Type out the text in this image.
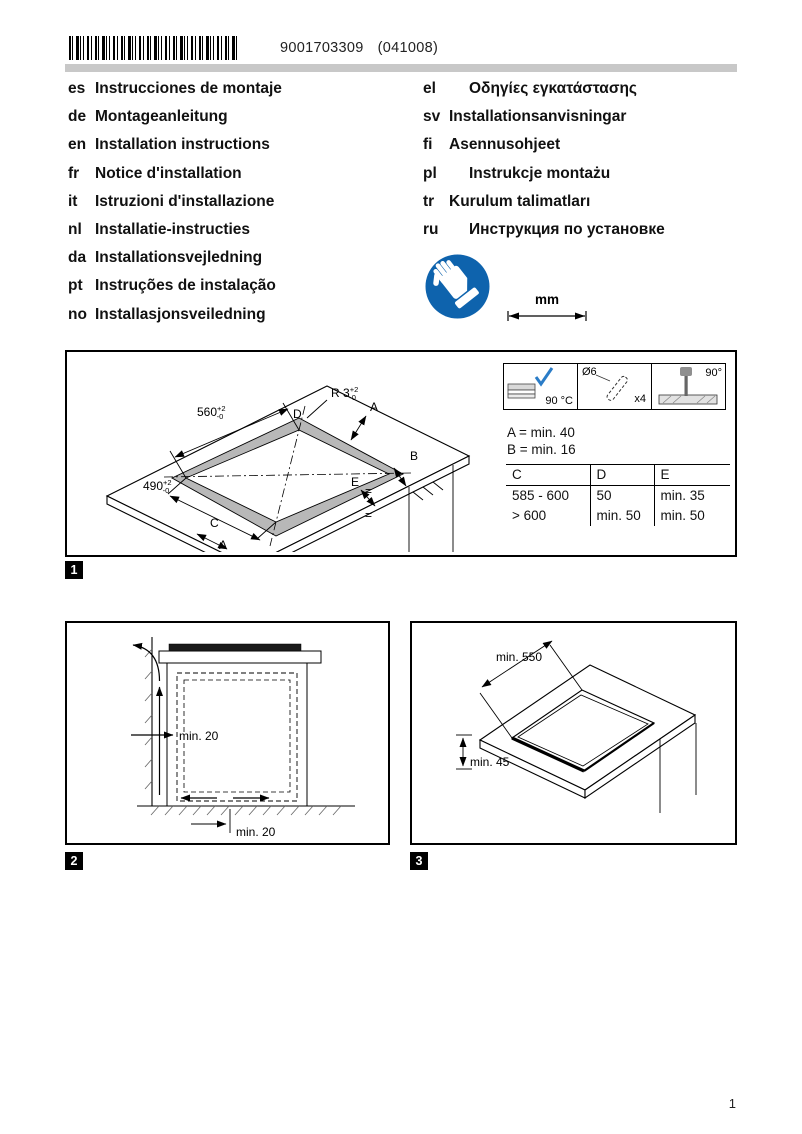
9001703309 (041008)
es Instrucciones de montaje
de Montageanleitung
en Installation instructions
fr	Notice d'installation
it	Istruzioni d'installazione
nl Installatie-instructies
da Installationsvejledning
pt Instruções de instalação
no Installasjonsveiledning
el	Οδηγίες εγκατάστασης
sv Installationsanvisningar
fi	Asennusohjeet
pl	Instrukcje montażu
tr Kurulum talimatları
ru	Инструкция по установке
mm
$560^{+2}$ -0	D
R $3^{+2}$ -0
A
B
E
$490^{+2}$ -0
C
A
=
=
90 °C
Ø6
x4
90°
A = min. 40
B = min. 16
C	D	E
585 - 600	50	min. 35
> 600	min. 50	min. 50
1
min. 20
min. 20
2
min. 550
min. 45
3
1
